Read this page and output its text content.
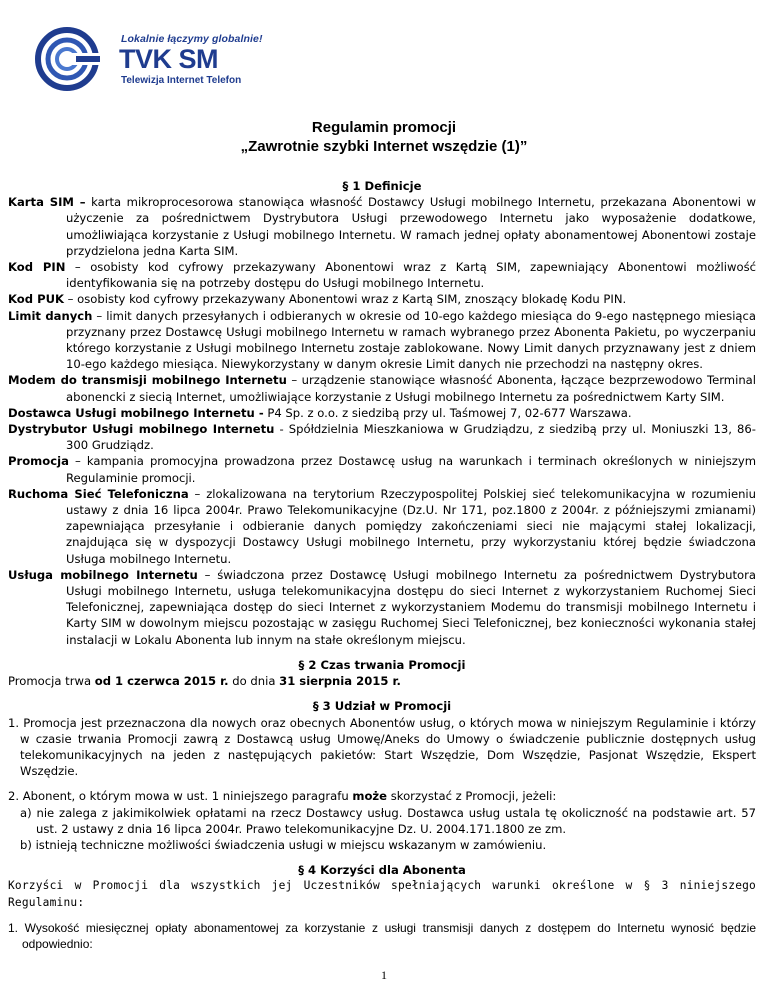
Lokalnie łączymy globalnie!
TVK SM
Telewizja Internet Telefon
Regulamin promocji
„Zawrotnie szybki Internet wszędzie (1)”
§ 1 Definicje
Karta SIM – karta mikroprocesorowa stanowiąca własność Dostawcy Usługi mobilnego Internetu, przekazana Abonentowi w użyczenie za pośrednictwem Dystrybutora Usługi przewodowego Internetu jako wyposażenie dodatkowe, umożliwiająca korzystanie z Usługi mobilnego Internetu. W ramach jednej opłaty abonamentowej Abonentowi zostaje przydzielona jedna Karta SIM.
Kod PIN – osobisty kod cyfrowy przekazywany Abonentowi wraz z Kartą SIM, zapewniający Abonentowi możliwość identyfikowania się na potrzeby dostępu do Usługi mobilnego Internetu.
Kod PUK – osobisty kod cyfrowy przekazywany Abonentowi wraz z Kartą SIM, znoszący blokadę Kodu PIN.
Limit danych – limit danych przesyłanych i odbieranych w okresie od 10-ego każdego miesiąca do 9-ego następnego miesiąca przyznany przez Dostawcę Usługi mobilnego Internetu w ramach wybranego przez Abonenta Pakietu, po wyczerpaniu którego korzystanie z Usługi mobilnego Internetu zostaje zablokowane. Nowy Limit danych przyznawany jest z dniem 10-ego każdego miesiąca. Niewykorzystany w danym okresie Limit danych nie przechodzi na następny okres.
Modem do transmisji mobilnego Internetu – urządzenie stanowiące własność Abonenta, łączące bezprzewodowo Terminal abonencki z siecią Internet, umożliwiające korzystanie z Usługi mobilnego Internetu za pośrednictwem Karty SIM.
Dostawca Usługi mobilnego Internetu - P4 Sp. z o.o. z siedzibą przy ul. Taśmowej 7, 02-677 Warszawa.
Dystrybutor Usługi mobilnego Internetu - Spółdzielnia Mieszkaniowa w Grudziądzu, z siedzibą przy ul. Moniuszki 13, 86-300 Grudziądz.
Promocja – kampania promocyjna prowadzona przez Dostawcę usług na warunkach i terminach określonych w niniejszym Regulaminie promocji.
Ruchoma Sieć Telefoniczna – zlokalizowana na terytorium Rzeczypospolitej Polskiej sieć telekomunikacyjna w rozumieniu ustawy z dnia 16 lipca 2004r. Prawo Telekomunikacyjne (Dz.U. Nr 171, poz.1800 z 2004r. z późniejszymi zmianami) zapewniająca przesyłanie i odbieranie danych pomiędzy zakończeniami sieci nie mającymi stałej lokalizacji, znajdująca się w dyspozycji Dostawcy Usługi mobilnego Internetu, przy wykorzystaniu której będzie świadczona Usługa mobilnego Internetu.
Usługa mobilnego Internetu – świadczona przez Dostawcę Usługi mobilnego Internetu za pośrednictwem Dystrybutora Usługi mobilnego Internetu, usługa telekomunikacyjna dostępu do sieci Internet z wykorzystaniem Ruchomej Sieci Telefonicznej, zapewniająca dostęp do sieci Internet z wykorzystaniem Modemu do transmisji mobilnego Internetu i Karty SIM w dowolnym miejscu pozostając w zasięgu Ruchomej Sieci Telefonicznej, bez konieczności wykonania stałej instalacji w Lokalu Abonenta lub innym na stałe określonym miejscu.
§ 2 Czas trwania Promocji
Promocja trwa od 1 czerwca 2015 r. do dnia 31 sierpnia 2015 r.
§ 3 Udział w Promocji
1. Promocja jest przeznaczona dla nowych oraz obecnych Abonentów usług, o których mowa w niniejszym Regulaminie i którzy w czasie trwania Promocji zawrą z Dostawcą usług Umowę/Aneks do Umowy o świadczenie publicznie dostępnych usług telekomunikacyjnych na jeden z następujących pakietów: Start Wszędzie, Dom Wszędzie, Pasjonat Wszędzie, Ekspert Wszędzie.
2. Abonent, o którym mowa w ust. 1 niniejszego paragrafu może skorzystać z Promocji, jeżeli:
a) nie zalega z jakimikolwiek opłatami na rzecz Dostawcy usług. Dostawca usług ustala tę okoliczność na podstawie art. 57 ust. 2 ustawy z dnia 16 lipca 2004r. Prawo telekomunikacyjne Dz. U. 2004.171.1800 ze zm.
b) istnieją techniczne możliwości świadczenia usługi w miejscu wskazanym w zamówieniu.
§ 4 Korzyści dla Abonenta
Korzyści w Promocji dla wszystkich jej Uczestników spełniających warunki określone w § 3 niniejszego Regulaminu:
1. Wysokość miesięcznej opłaty abonamentowej za korzystanie z usługi transmisji danych z dostępem do Internetu wynosić będzie odpowiednio:
1
